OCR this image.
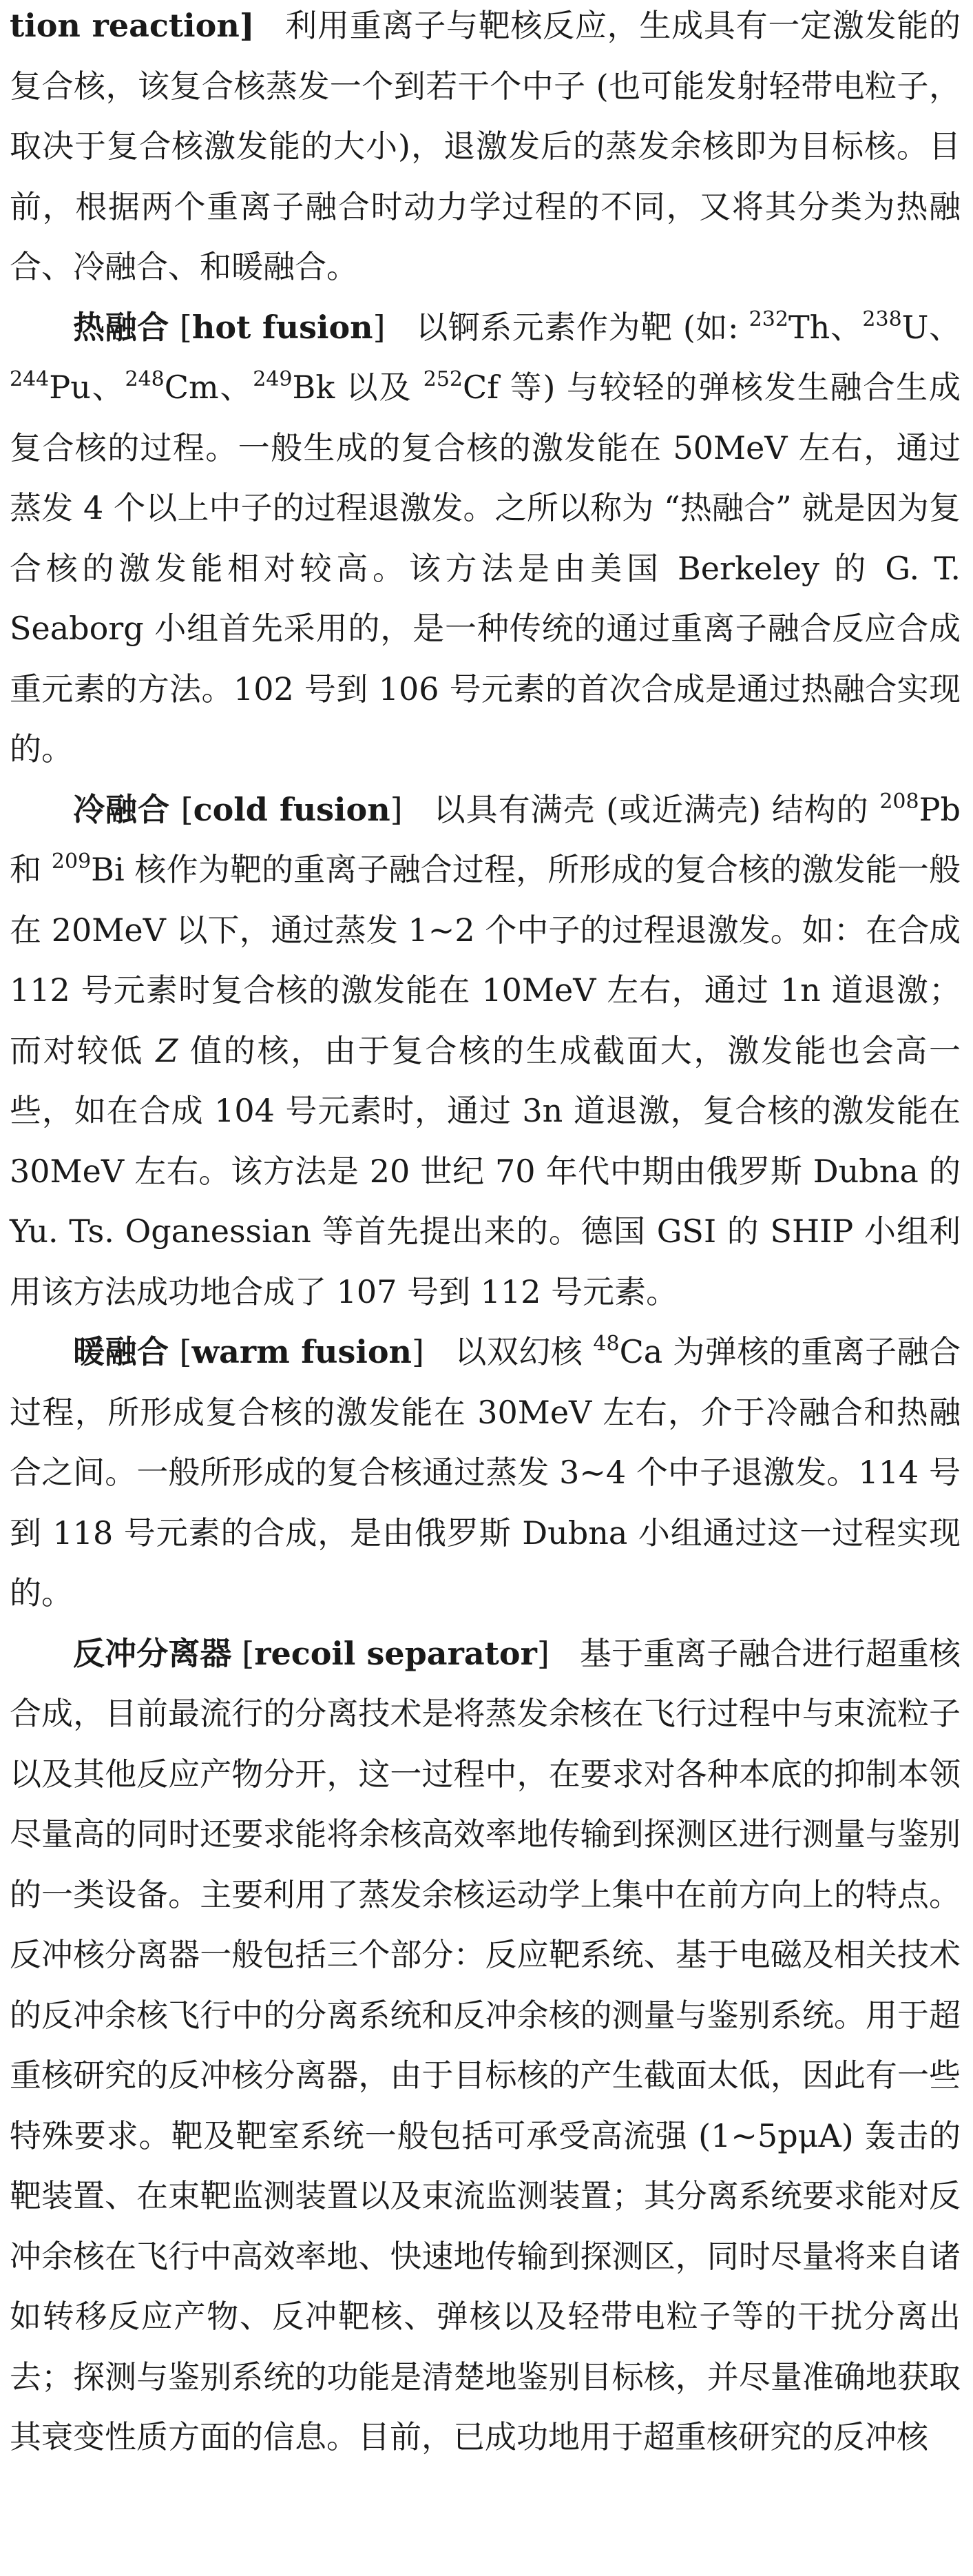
tion reaction] 利用重离子与靶核反应，生成具有一定激发能的复合核，该复合核蒸发一个到若干个中子 (也可能发射轻带电粒子，取决于复合核激发能的大小)，退激发后的蒸发余核即为目标核。目前，根据两个重离子融合时动力学过程的不同，又将其分类为热融合、冷融合、和暖融合。

热融合 [hot fusion] 以锕系元素作为靶 (如: $^{232}$Th、$^{238}$U、$^{244}$Pu、$^{248}$Cm、$^{249}$Bk 以及 $^{252}$Cf 等) 与较轻的弹核发生融合生成复合核的过程。一般生成的复合核的激发能在 50MeV 左右，通过蒸发 4 个以上中子的过程退激发。之所以称为 “热融合” 就是因为复合核的激发能相对较高。该方法是由美国 Berkeley 的 G. T. Seaborg 小组首先采用的，是一种传统的通过重离子融合反应合成重元素的方法。102 号到 106 号元素的首次合成是通过热融合实现的。

冷融合 [cold fusion] 以具有满壳 (或近满壳) 结构的 $^{208}$Pb 和 $^{209}$Bi 核作为靶的重离子融合过程，所形成的复合核的激发能一般在 20MeV 以下，通过蒸发 1~2 个中子的过程退激发。如：在合成 112 号元素时复合核的激发能在 10MeV 左右，通过 1n 道退激；而对较低 Z 值的核，由于复合核的生成截面大，激发能也会高一些，如在合成 104 号元素时，通过 3n 道退激，复合核的激发能在 30MeV 左右。该方法是 20 世纪 70 年代中期由俄罗斯 Dubna 的 Yu. Ts. Oganessian 等首先提出来的。德国 GSI 的 SHIP 小组利用该方法成功地合成了 107 号到 112 号元素。

暖融合 [warm fusion] 以双幻核 $^{48}$Ca 为弹核的重离子融合过程，所形成复合核的激发能在 30MeV 左右，介于冷融合和热融合之间。一般所形成的复合核通过蒸发 3~4 个中子退激发。114 号到 118 号元素的合成，是由俄罗斯 Dubna 小组通过这一过程实现的。

反冲分离器 [recoil separator] 基于重离子融合进行超重核合成，目前最流行的分离技术是将蒸发余核在飞行过程中与束流粒子以及其他反应产物分开，这一过程中，在要求对各种本底的抑制本领尽量高的同时还要求能将余核高效率地传输到探测区进行测量与鉴别的一类设备。主要利用了蒸发余核运动学上集中在前方向上的特点。反冲核分离器一般包括三个部分：反应靶系统、基于电磁及相关技术的反冲余核飞行中的分离系统和反冲余核的测量与鉴别系统。用于超重核研究的反冲核分离器，由于目标核的产生截面太低，因此有一些特殊要求。靶及靶室系统一般包括可承受高流强 (1~5pμA) 轰击的靶装置、在束靶监测装置以及束流监测装置；其分离系统要求能对反冲余核在飞行中高效率地、快速地传输到探测区，同时尽量将来自诸如转移反应产物、反冲靶核、弹核以及轻带电粒子等的干扰分离出去；探测与鉴别系统的功能是清楚地鉴别目标核，并尽量准确地获取其衰变性质方面的信息。目前，已成功地用于超重核研究的反冲核
